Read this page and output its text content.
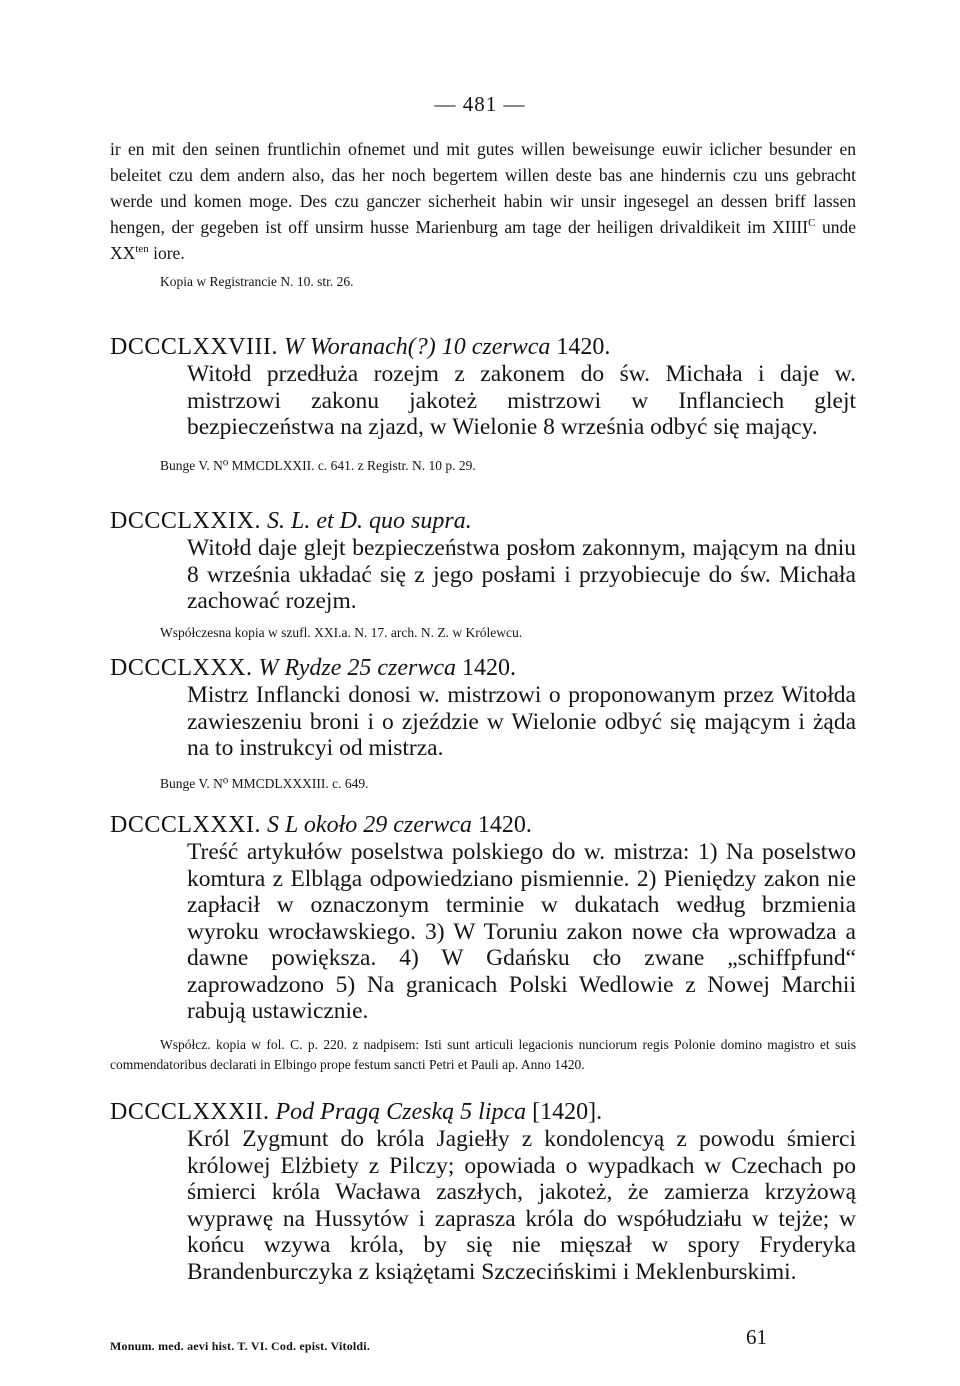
— 481 —

ir en mit den seinen fruntlichin ofnemet und mit gutes willen beweisunge euwir iclicher besunder en beleitet czu dem andern also, das her noch begertem willen deste bas ane hindernis czu uns gebracht werde und komen moge. Des czu ganczer sicherheit habin wir unsir ingesegel an dessen briff lassen hengen, der gegeben ist off unsirm husse Marienburg am tage der heiligen drivaldikeit im $XIIII^C$ unde $XX^{ten}$ iore.

Kopia w Registrancie N. 10. str. 26.

DCCCLXXVIII. W Woranach(?) 10 czerwca 1420.

Witołd przedłuża rozejm z zakonem do św. Michała i daje w. mistrzowi zakonu jakoteż mistrzowi w Inflanciech glejt bezpieczeństwa na zjazd, w Wielonie 8 września odbyć się mający.

Bunge V. N⁰ MMCDLXXII. c. 641. z Registr. N. 10 p. 29.

DCCCLXXIX. S. L. et D. quo supra.

Witołd daje glejt bezpieczeństwa posłom zakonnym, mającym na dniu 8 września układać się z jego posłami i przyobiecuje do św. Michała zachować rozejm.

Współczesna kopia w szufl. XXI.a. N. 17. arch. N. Z. w Królewcu.

DCCCLXXX. W Rydze 25 czerwca 1420.

Mistrz Inflancki donosi w. mistrzowi o proponowanym przez Witołda zawieszeniu broni i o zjeździe w Wielonie odbyć się mającym i żąda na to instrukcyi od mistrza.

Bunge V. N⁰ MMCDLXXXIII. c. 649.

DCCCLXXXI. S L około 29 czerwca 1420.

Treść artykułów poselstwa polskiego do w. mistrza: 1) Na poselstwo komtura z Elbląga odpowiedziano pismiennie. 2) Pieniędzy zakon nie zapłacił w oznaczonym terminie w dukatach według brzmienia wyroku wrocławskiego. 3) W Toruniu zakon nowe cła wprowadza a dawne powiększa. 4) W Gdańsku cło zwane „schiffpfund“ zaprowadzono 5) Na granicach Polski Wedlowie z Nowej Marchii rabują ustawicznie.

Współcz. kopia w fol. C. p. 220. z nadpisem: Isti sunt articuli legacionis nunciorum regis Polonie domino magistro et suis commendatoribus declarati in Elbingo prope festum sancti Petri et Pauli ap. Anno 1420.

DCCCLXXXII. Pod Pragą Czeską 5 lipca [1420].

Król Zygmunt do króla Jagiełły z kondolencyą z powodu śmierci królowej Elżbiety z Pilczy; opowiada o wypadkach w Czechach po śmierci króla Wacława zaszłych, jakoteż, że zamierza krzyżową wyprawę na Hussytów i zaprasza króla do współudziału w tejże; w końcu wzywa króla, by się nie mięszał w spory Fryderyka Brandenburczyka z książętami Szczecińskimi i Meklenburskimi.

Monum. med. aevi hist. T. VI. Cod. epist. Vitoldi.	61
